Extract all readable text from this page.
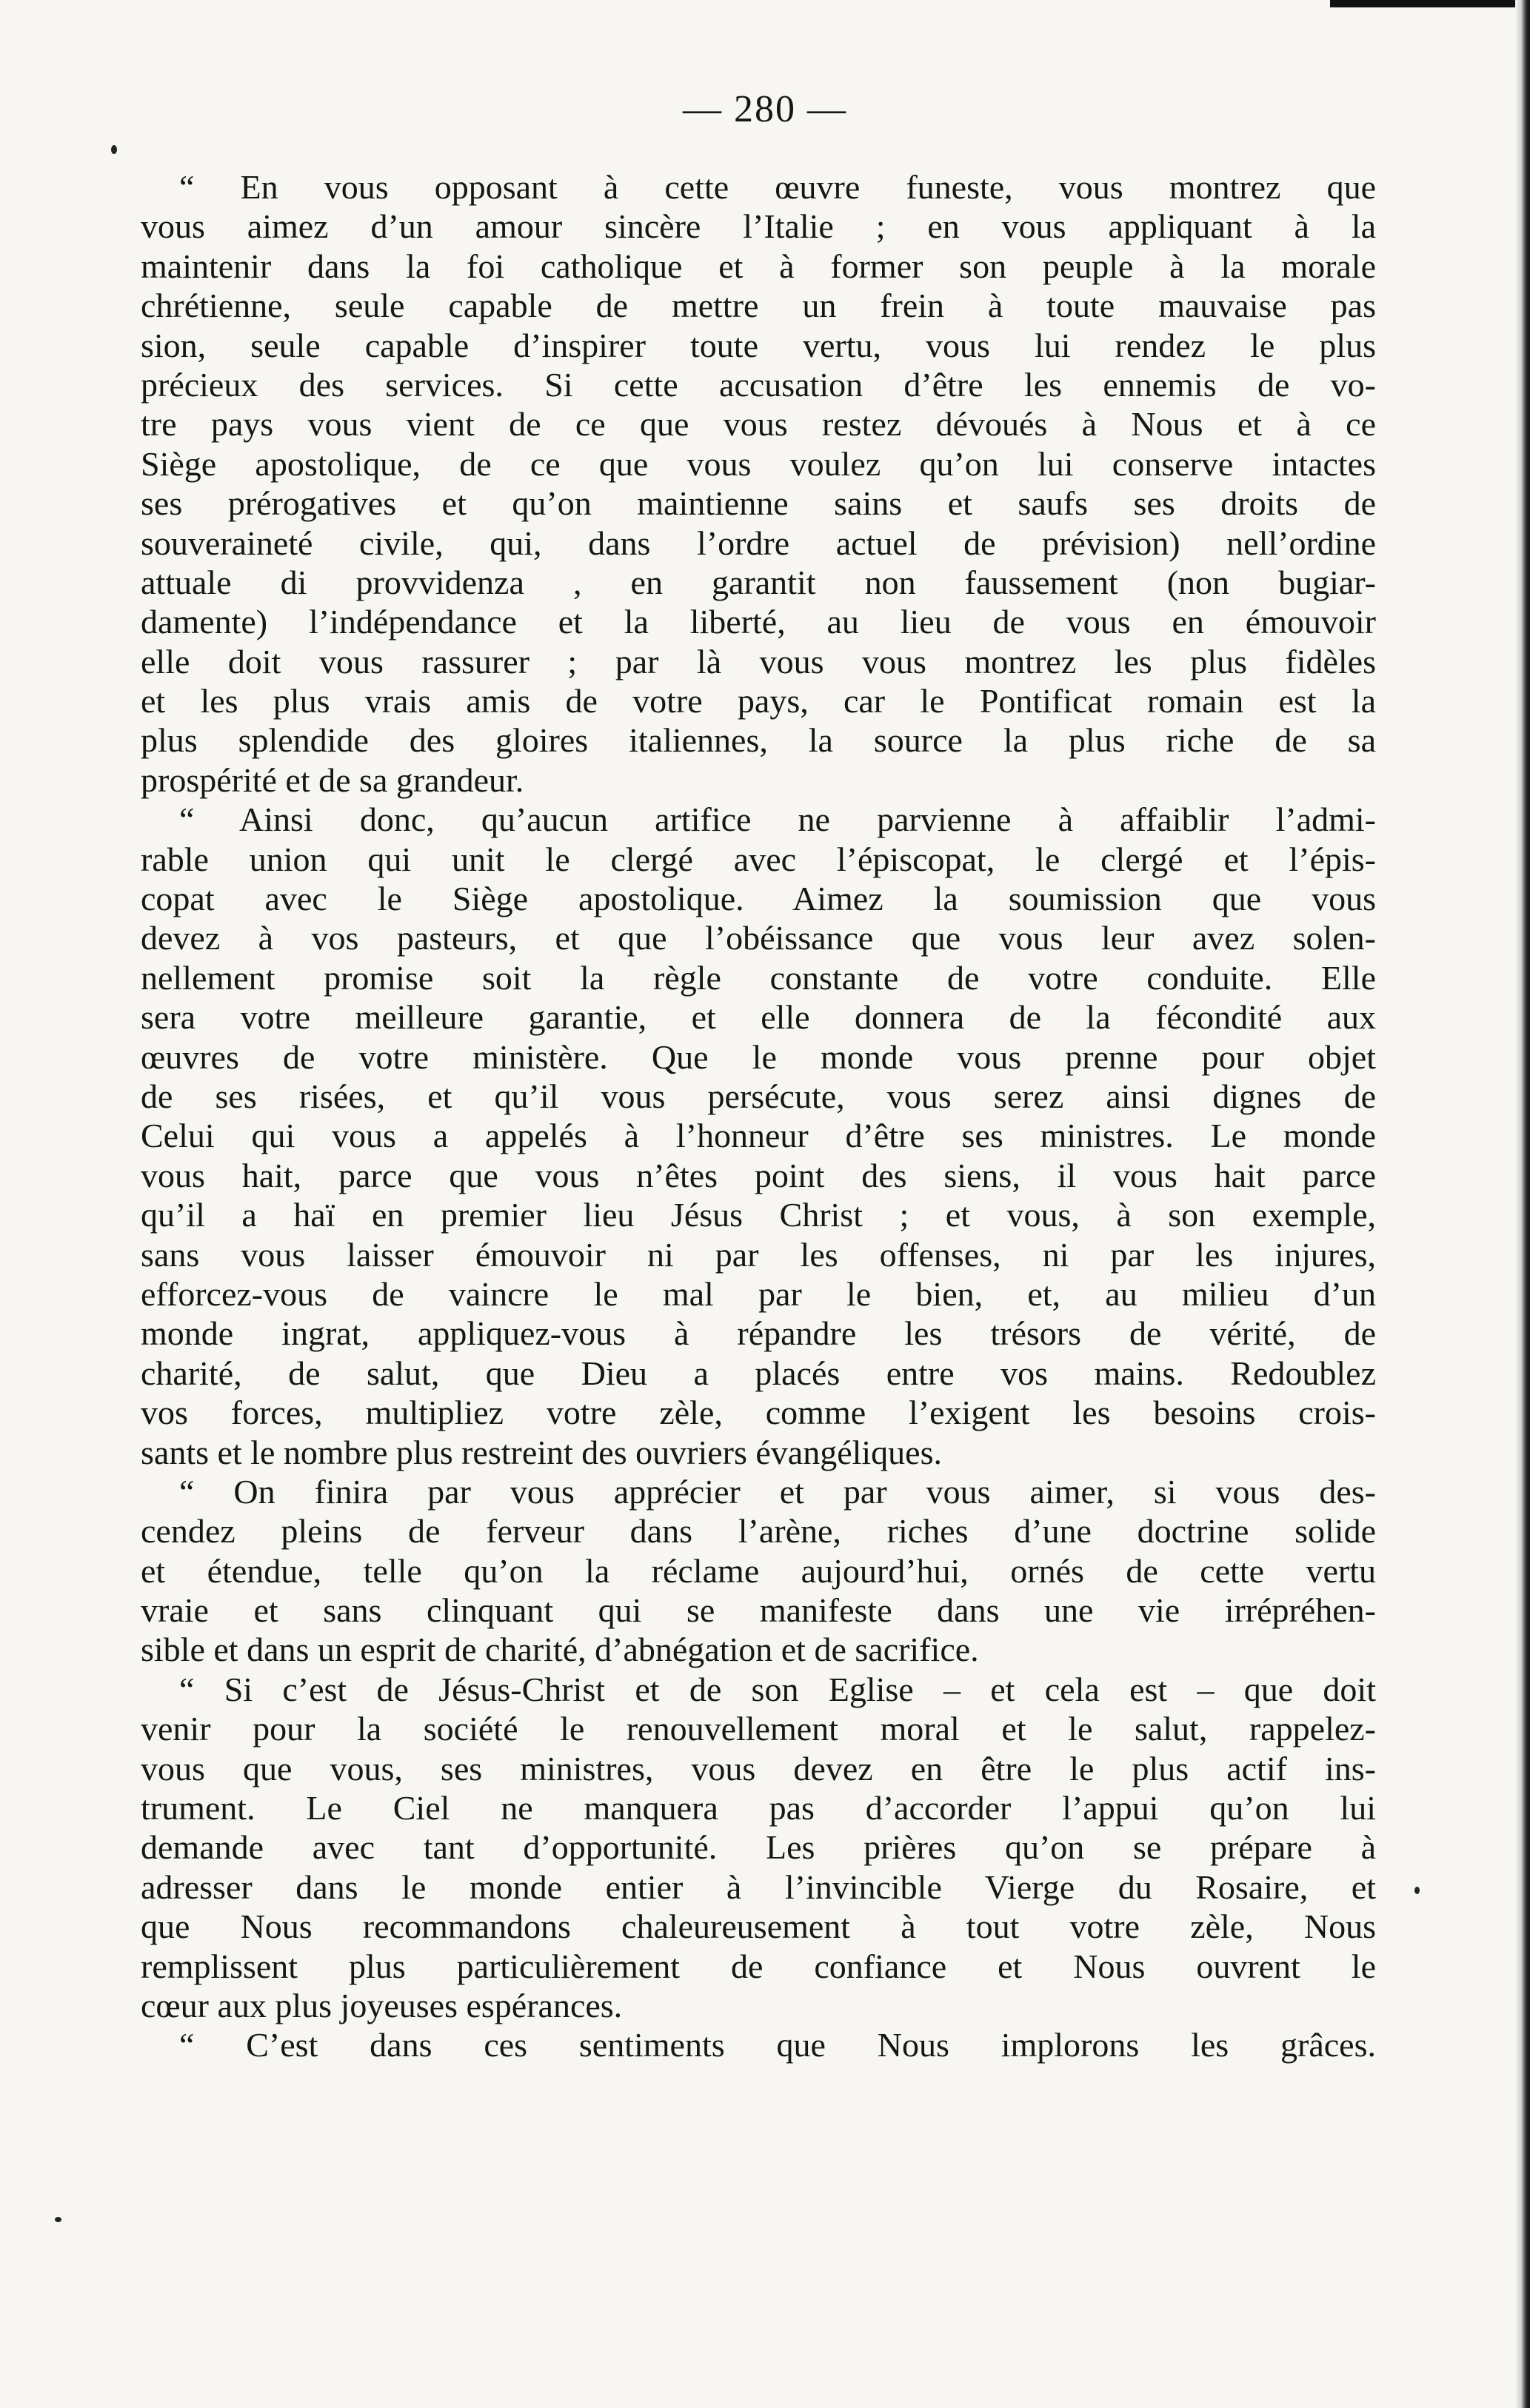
— 280 —
“ En vous opposant à cette œuvre funeste, vous montrez que
vous aimez d’un amour sincère l’Italie ; en vous appliquant à la
maintenir dans la foi catholique et à former son peuple à la morale
chrétienne, seule capable de mettre un frein à toute mauvaise pas
sion, seule capable d’inspirer toute vertu, vous lui rendez le plus
précieux des services. Si cette accusation d’être les ennemis de vo-
tre pays vous vient de ce que vous restez dévoués à Nous et à ce
Siège apostolique, de ce que vous voulez qu’on lui conserve intactes
ses prérogatives et qu’on maintienne sains et saufs ses droits de
souveraineté civile, qui, dans l’ordre actuel de prévision) nell’ordine
attuale di provvidenza , en garantit non faussement (non bugiar-
damente) l’indépendance et la liberté, au lieu de vous en émouvoir
elle doit vous rassurer ; par là vous vous montrez les plus fidèles
et les plus vrais amis de votre pays, car le Pontificat romain est la
plus splendide des gloires italiennes, la source la plus riche de sa
prospérité et de sa grandeur.
“ Ainsi donc, qu’aucun artifice ne parvienne à affaiblir l’admi-
rable union qui unit le clergé avec l’épiscopat, le clergé et l’épis-
copat avec le Siège apostolique. Aimez la soumission que vous
devez à vos pasteurs, et que l’obéissance que vous leur avez solen-
nellement promise soit la règle constante de votre conduite. Elle
sera votre meilleure garantie, et elle donnera de la fécondité aux
œuvres de votre ministère. Que le monde vous prenne pour objet
de ses risées, et qu’il vous persécute, vous serez ainsi dignes de
Celui qui vous a appelés à l’honneur d’être ses ministres. Le monde
vous hait, parce que vous n’êtes point des siens, il vous hait parce
qu’il a haï en premier lieu Jésus Christ ; et vous, à son exemple,
sans vous laisser émouvoir ni par les offenses, ni par les injures,
efforcez-vous de vaincre le mal par le bien, et, au milieu d’un
monde ingrat, appliquez-vous à répandre les trésors de vérité, de
charité, de salut, que Dieu a placés entre vos mains. Redoublez
vos forces, multipliez votre zèle, comme l’exigent les besoins crois-
sants et le nombre plus restreint des ouvriers évangéliques.
“ On finira par vous apprécier et par vous aimer, si vous des-
cendez pleins de ferveur dans l’arène, riches d’une doctrine solide
et étendue, telle qu’on la réclame aujourd’hui, ornés de cette vertu
vraie et sans clinquant qui se manifeste dans une vie irrépréhen-
sible et dans un esprit de charité, d’abnégation et de sacrifice.
“ Si c’est de Jésus-Christ et de son Eglise – et cela est – que doit
venir pour la société le renouvellement moral et le salut, rappelez-
vous que vous, ses ministres, vous devez en être le plus actif ins-
trument. Le Ciel ne manquera pas d’accorder l’appui qu’on lui
demande avec tant d’opportunité. Les prières qu’on se prépare à
adresser dans le monde entier à l’invincible Vierge du Rosaire, et
que Nous recommandons chaleureusement à tout votre zèle, Nous
remplissent plus particulièrement de confiance et Nous ouvrent le
cœur aux plus joyeuses espérances.
“ C’est dans ces sentiments que Nous implorons les grâces.
